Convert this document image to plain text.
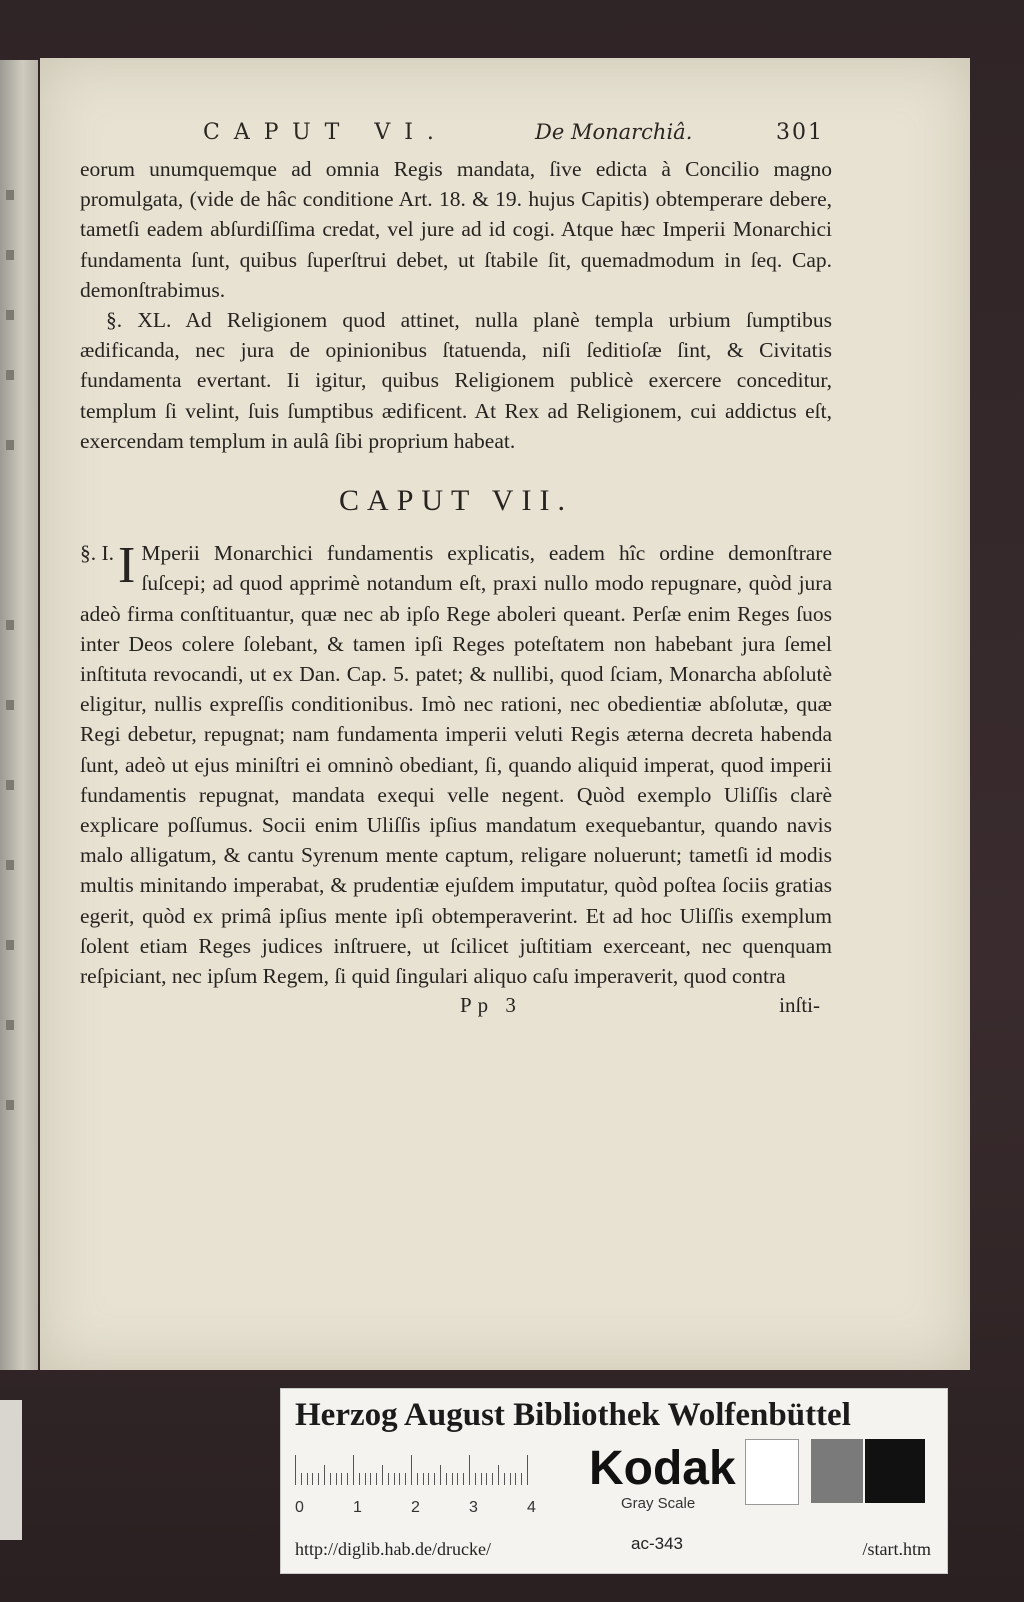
CAPUT VI.	De Monarchiâ.	301

eorum unumquemque ad omnia Regis mandata, ſive edicta à Concilio magno promulgata, (vide de hâc conditione Art. 18. & 19. hujus Capitis) obtemperare debere, tametſi eadem abſurdiſſima credat, vel jure ad id cogi. Atque hæc Imperii Monarchici fundamenta ſunt, quibus ſuperſtrui debet, ut ſtabile ſit, quemadmodum in ſeq. Cap. demonſtrabimus.

§. XL. Ad Religionem quod attinet, nulla planè templa urbium ſumptibus ædificanda, nec jura de opinionibus ſtatuenda, niſi ſeditioſæ ſint, & Civitatis fundamenta evertant. Ii igitur, quibus Religionem publicè exercere conceditur, templum ſi velint, ſuis ſumptibus ædificent. At Rex ad Religionem, cui addictus eſt, exercendam templum in aulâ ſibi proprium habeat.

CAPUT VII.

§. I. I Mperii Monarchici fundamentis explicatis, eadem hîc ordine demonſtrare ſuſcepi; ad quod apprimè notandum eſt, praxi nullo modo repugnare, quòd jura adeò firma conſtituantur, quæ nec ab ipſo Rege aboleri queant. Perſæ enim Reges ſuos inter Deos colere ſolebant, & tamen ipſi Reges poteſtatem non habebant jura ſemel inſtituta revocandi, ut ex Dan. Cap. 5. patet; & nullibi, quod ſciam, Monarcha abſolutè eligitur, nullis expreſſis conditionibus. Imò nec rationi, nec obedientiæ abſolutæ, quæ Regi debetur, repugnat; nam fundamenta imperii veluti Regis æterna decreta habenda ſunt, adeò ut ejus miniſtri ei omninò obediant, ſi, quando aliquid imperat, quod imperii fundamentis repugnat, mandata exequi velle negent. Quòd exemplo Uliſſis clarè explicare poſſumus. Socii enim Uliſſis ipſius mandatum exequebantur, quando navis malo alligatum, & cantu Syrenum mente captum, religare noluerunt; tametſi id modis multis minitando imperabat, & prudentiæ ejuſdem imputatur, quòd poſtea ſociis gratias egerit, quòd ex primâ ipſius mente ipſi obtemperaverint. Et ad hoc Uliſſis exemplum ſolent etiam Reges judices inſtruere, ut ſcilicet juſtitiam exerceant, nec quenquam reſpiciant, nec ipſum Regem, ſi quid ſingulari aliquo caſu imperaverit, quod contra

Pp 3	inſti-
Herzog August Bibliothek Wolfenbüttel
0	1	2	3	4
Kodak
Gray Scale
http://diglib.hab.de/drucke/	ac-343	/start.htm
